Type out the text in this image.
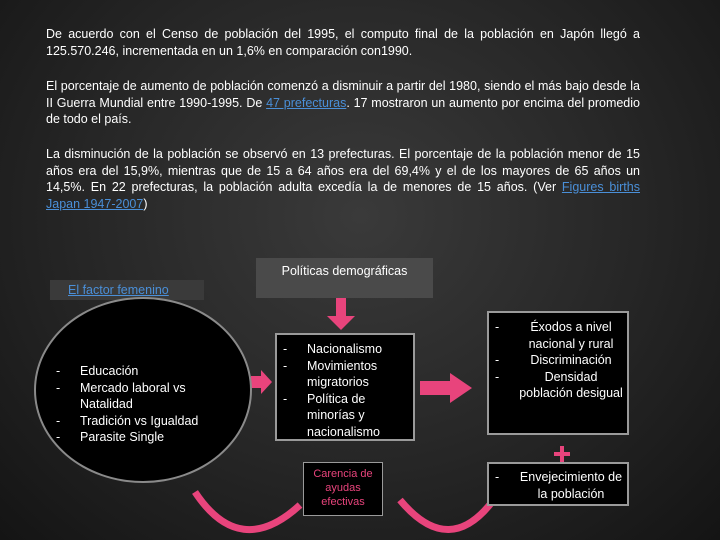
De acuerdo con el Censo de población del 1995, el computo final de la población en Japón llegó a 125.570.246, incrementada en un 1,6% en comparación con1990.
El porcentaje de aumento de población comenzó a disminuir a partir del 1980, siendo el más bajo desde la II Guerra Mundial entre 1990-1995. De 47 prefecturas. 17 mostraron un aumento por encima del promedio de todo el país.
La disminución de la población se observó en 13 prefecturas. El porcentaje de la población menor de 15 años era del 15,9%, mientras que de 15 a 64 años era del 69,4% y el de los mayores de 65 años un 14,5%. En 22 prefecturas, la población adulta excedía la de menores de 15 años. (Ver Figures births Japan 1947-2007)
Políticas demográficas
El factor femenino
- Educación
- Mercado laboral vs Natalidad
- Tradición vs Igualdad
- Parasite Single
- Nacionalismo
- Movimientos migratorios
- Política de minorías y nacionalismo
- Éxodos a nivel nacional y rural
- Discriminación
- Densidad población desigual
Carencia de ayudas efectivas
- Envejecimiento de la población
